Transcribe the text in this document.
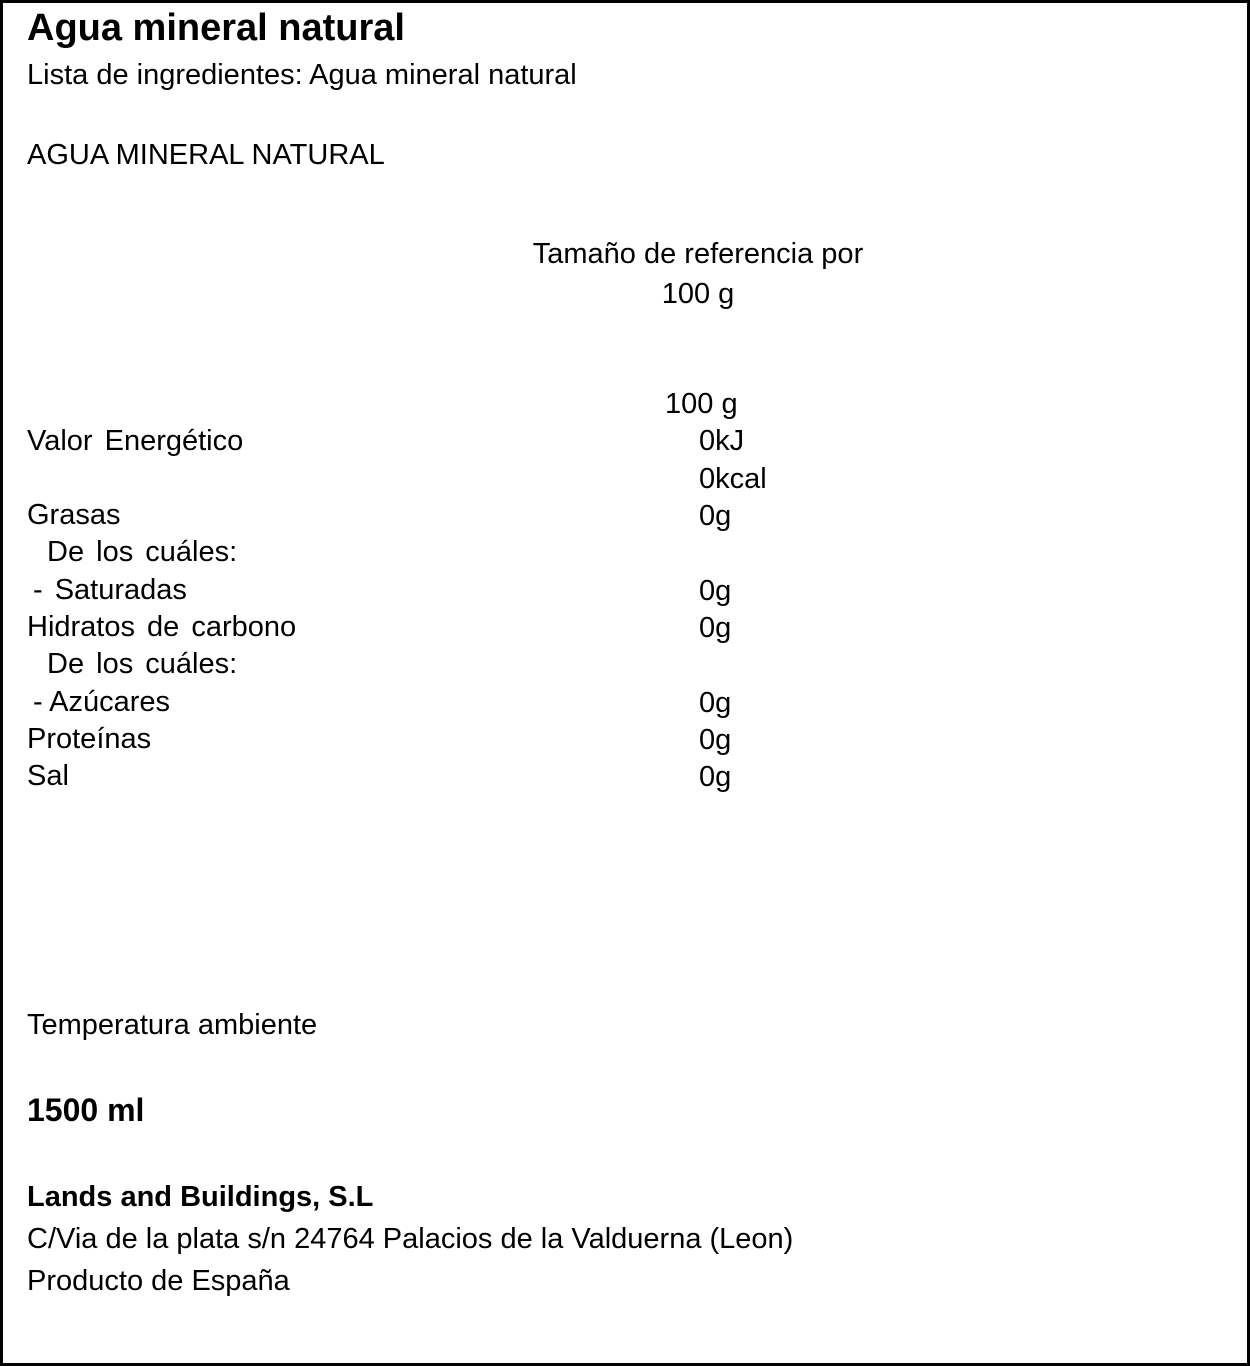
Agua mineral natural
Lista de ingredientes: Agua mineral natural
AGUA MINERAL NATURAL
Tamaño de referencia por
100 g
100 g
Valor Energético	0kJ
0kcal
Grasas	0g
De los cuáles:
- Saturadas	0g
Hidratos de carbono	0g
De los cuáles:
- Azúcares	0g
Proteínas	0g
Sal	0g
Temperatura ambiente
1500 ml
Lands and Buildings, S.L
C/Via de la plata s/n 24764 Palacios de la Valduerna (Leon)
Producto de España
